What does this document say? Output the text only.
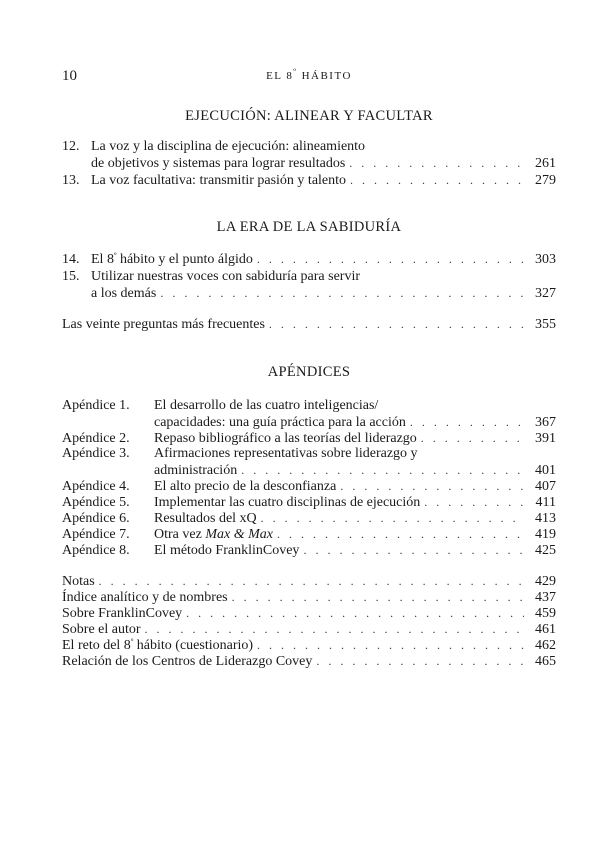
10	EL $8^º$ HÁBITO
EJECUCIÓN: ALINEAR Y FACULTAR
12. La voz y la disciplina de ejecución: alineamiento
de objetivos y sistemas para lograr resultados . . .	261
13. La voz facultativa: transmitir pasión y talento . . .	279
LA ERA DE LA SABIDURÍA
14. El $8^º$ hábito y el punto álgido . . .	303
15. Utilizar nuestras voces con sabiduría para servir
a los demás . . .	327
Las veinte preguntas más frecuentes . . .	355
APÉNDICES
Apéndice 1.	El desarrollo de las cuatro inteligencias/
capacidades: una guía práctica para la acción . . .	367
Apéndice 2.	Repaso bibliográfico a las teorías del liderazgo . . .	391
Apéndice 3.	Afirmaciones representativas sobre liderazgo y
administración . . .	401
Apéndice 4.	El alto precio de la desconfianza . . .	407
Apéndice 5.	Implementar las cuatro disciplinas de ejecución . . .	411
Apéndice 6.	Resultados del xQ . . .	413
Apéndice 7.	Otra vez Max & Max . . .	419
Apéndice 8.	El método FranklinCovey . . .	425
Notas . . .	429
Índice analítico y de nombres . . .	437
Sobre FranklinCovey . . .	459
Sobre el autor . . .	461
El reto del $8^º$ hábito (cuestionario) . . .	462
Relación de los Centros de Liderazgo Covey . . .	465
